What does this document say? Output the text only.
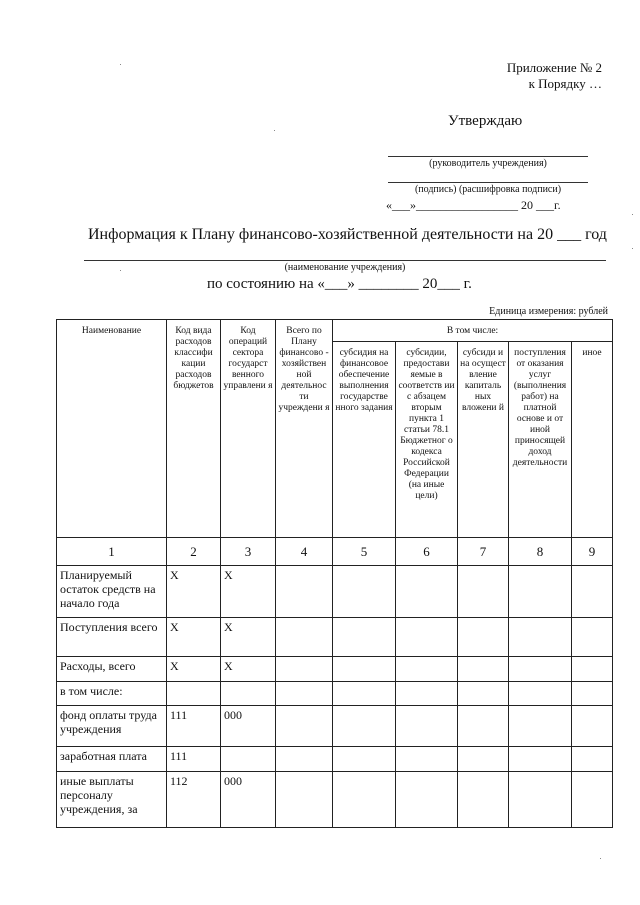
Приложение № 2
к Порядку …
Утверждаю
(руководитель учреждения)
(подпись) (расшифровка подписи)
«___»_________________ 20 ___г.
Информация к Плану финансово-хозяйственной деятельности на 20 ___ год
(наименование учреждения)
по состоянию на «___» ________ 20___ г.
Единица измерения: рублей
Наименование	Код вида расходов классифи кации расходов бюджетов	Код операций сектора государст венного управлени я	Всего по Плану финансово - хозяйствен ной деятельнос ти учреждени я	В том числе:				
				субсидия на финансовое обеспечение выполнения государстве нного задания	субсидии, предостави яемые в соответств ии с абзацем вторым пункта 1 статьи 78.1 Бюджетног о кодекса Российской Федерации (на иные цели)	субсиди и на осущест вление капиталь ных вложени й	поступления от оказания услуг (выполнения работ) на платной основе и от иной приносящей доход деятельности	иное
1	2	3	4	5	6	7	8	9
Планируемый остаток средств на начало года	Х	Х						
Поступления всего	Х	Х						
Расходы, всего	Х	Х						
в том числе:								
фонд оплаты труда учреждения	111	000						
заработная плата	111							
иные выплаты персоналу учреждения, за	112	000						
